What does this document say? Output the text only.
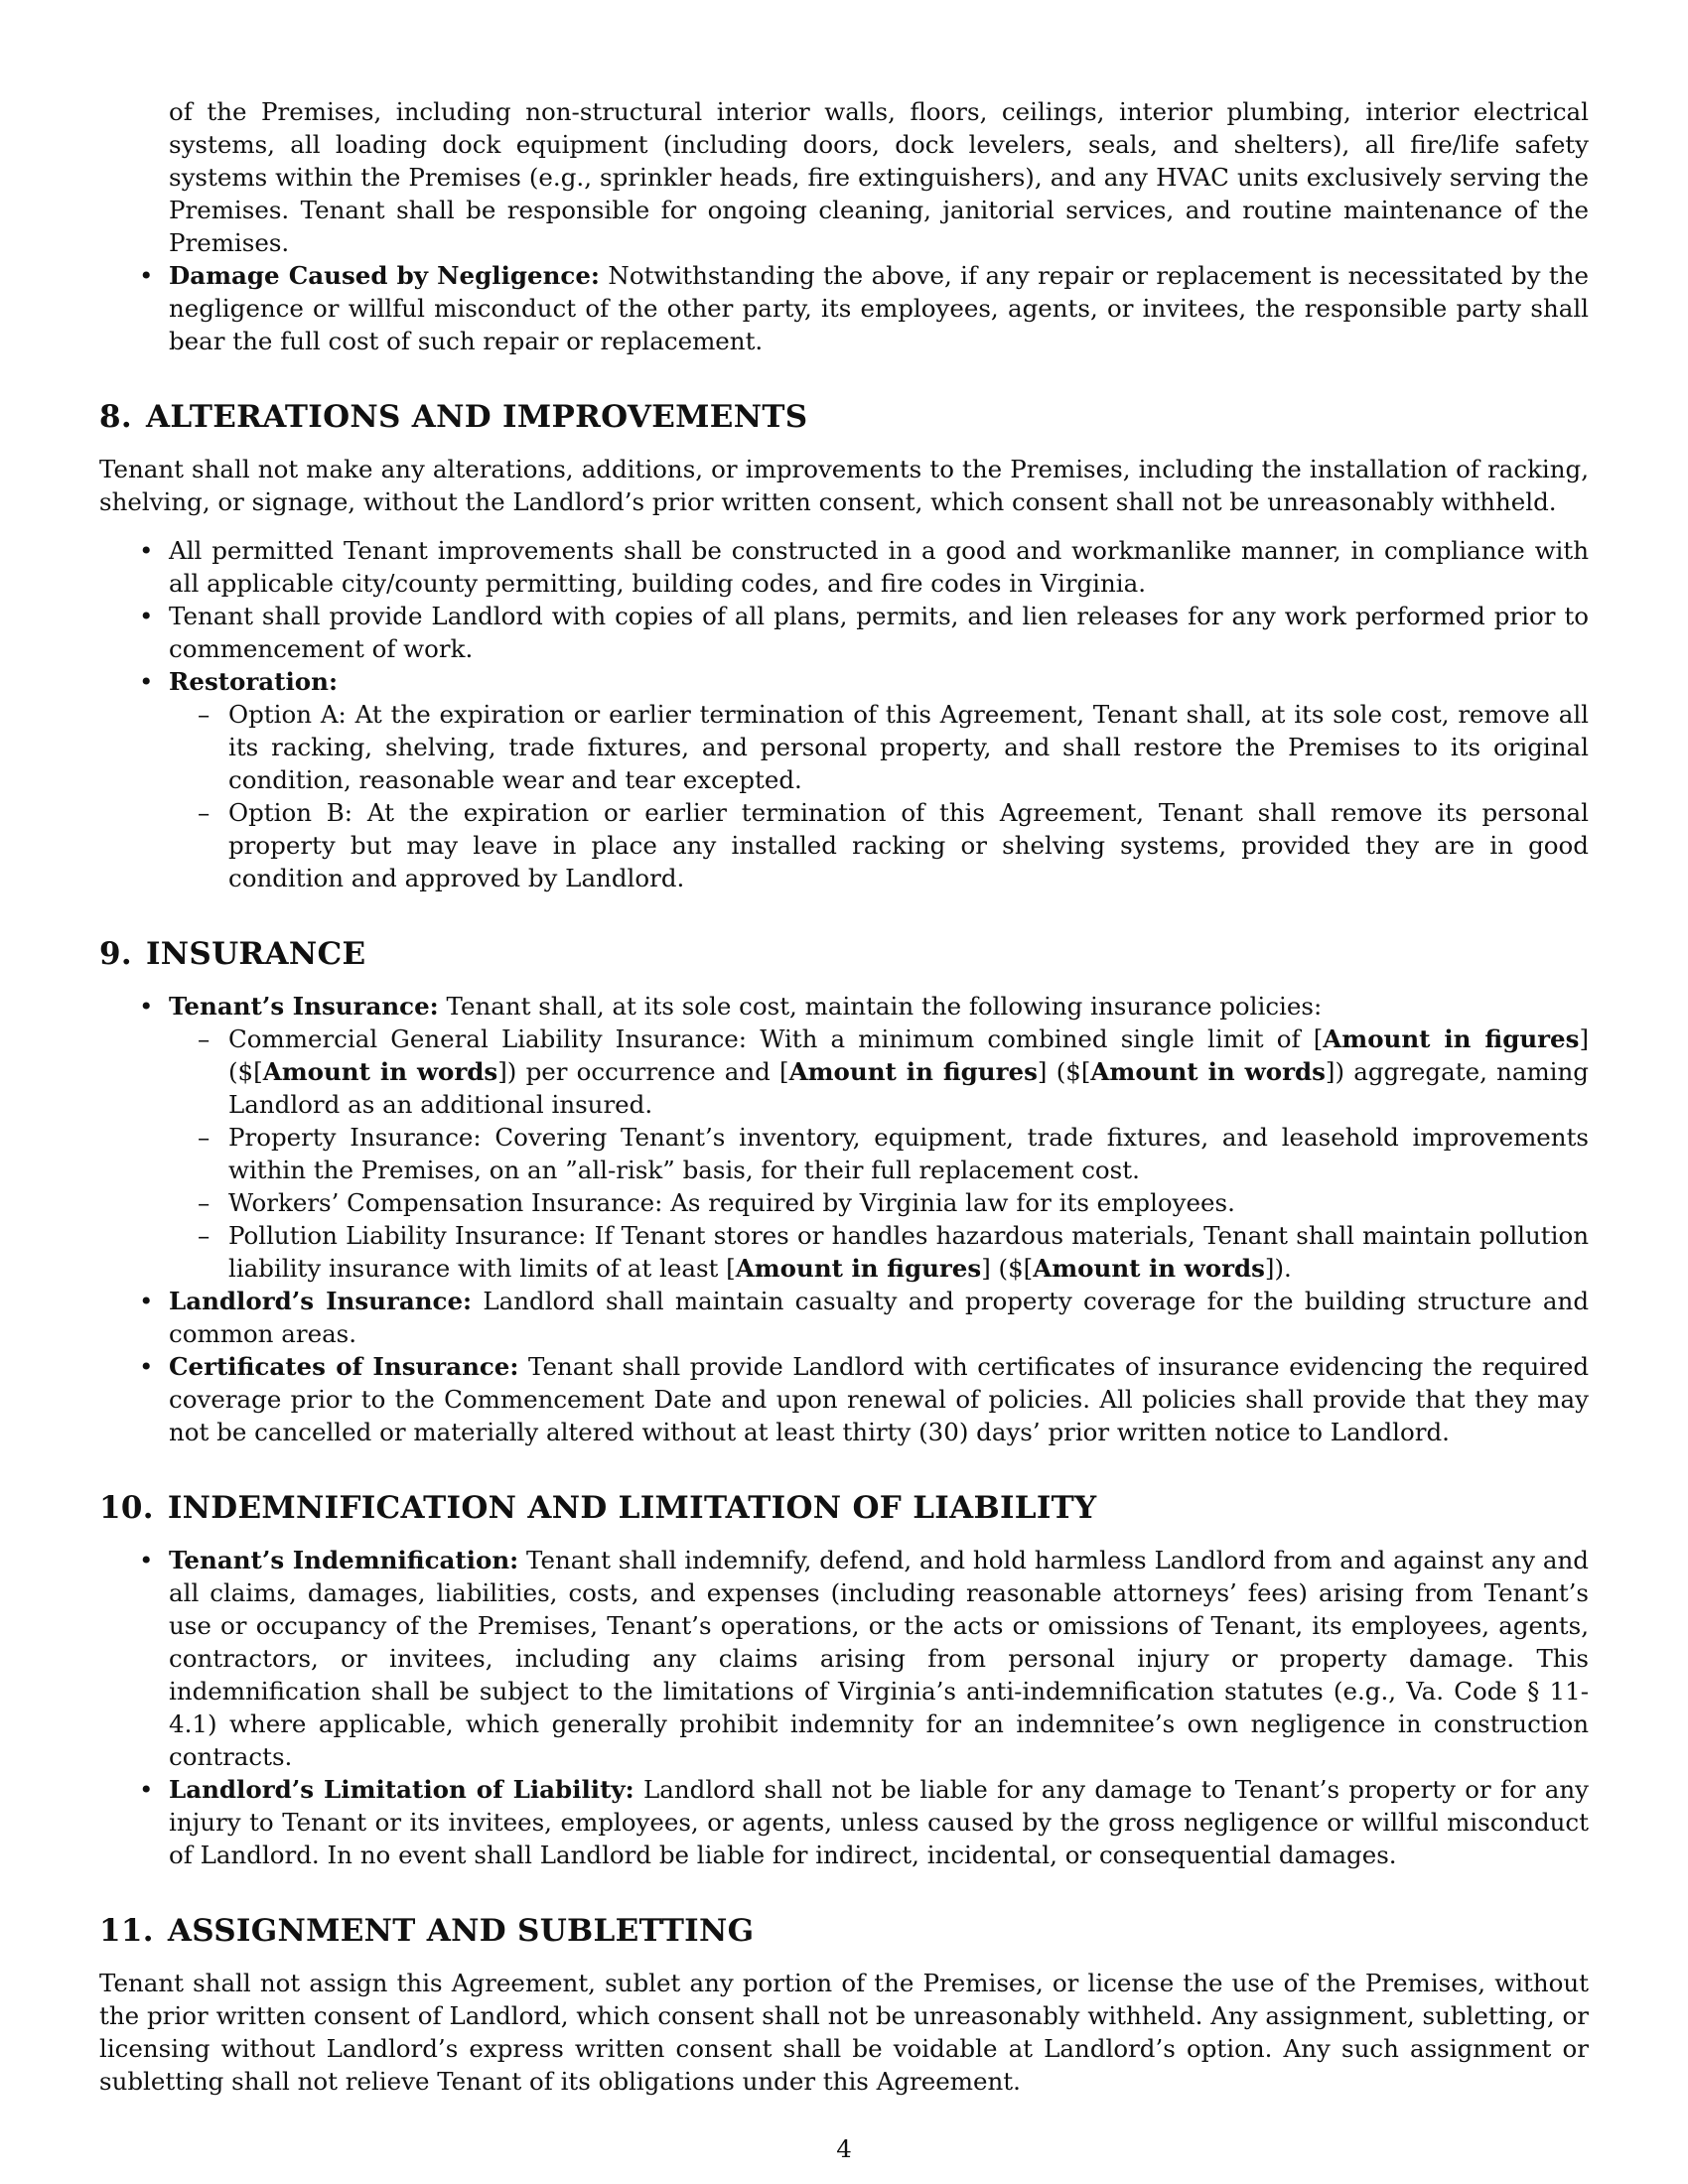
of the Premises, including non-structural interior walls, floors, ceilings, interior plumbing, interior electrical systems, all loading dock equipment (including doors, dock levelers, seals, and shelters), all fire/life safety systems within the Premises (e.g., sprinkler heads, fire extinguishers), and any HVAC units exclusively serving the Premises. Tenant shall be responsible for ongoing cleaning, janitorial services, and routine maintenance of the Premises.

• Damage Caused by Negligence: Notwithstanding the above, if any repair or replacement is necessitated by the negligence or willful misconduct of the other party, its employees, agents, or invitees, the responsible party shall bear the full cost of such repair or replacement.
8. ALTERATIONS AND IMPROVEMENTS

Tenant shall not make any alterations, additions, or improvements to the Premises, including the installation of racking, shelving, or signage, without the Landlord’s prior written consent, which consent shall not be unreasonably withheld.

• All permitted Tenant improvements shall be constructed in a good and workmanlike manner, in compliance with all applicable city/county permitting, building codes, and fire codes in Virginia.
• Tenant shall provide Landlord with copies of all plans, permits, and lien releases for any work performed prior to commencement of work.
• Restoration:
– Option A: At the expiration or earlier termination of this Agreement, Tenant shall, at its sole cost, remove all its racking, shelving, trade fixtures, and personal property, and shall restore the Premises to its original condition, reasonable wear and tear excepted.
– Option B: At the expiration or earlier termination of this Agreement, Tenant shall remove its personal property but may leave in place any installed racking or shelving systems, provided they are in good condition and approved by Landlord.
9. INSURANCE
• Tenant’s Insurance: Tenant shall, at its sole cost, maintain the following insurance policies:
– Commercial General Liability Insurance: With a minimum combined single limit of [Amount in figures] ($[Amount in words]) per occurrence and [Amount in figures] ($[Amount in words]) aggregate, naming Landlord as an additional insured.
– Property Insurance: Covering Tenant’s inventory, equipment, trade fixtures, and leasehold improvements within the Premises, on an ”all-risk” basis, for their full replacement cost.
– Workers’ Compensation Insurance: As required by Virginia law for its employees.
– Pollution Liability Insurance: If Tenant stores or handles hazardous materials, Tenant shall maintain pollution liability insurance with limits of at least [Amount in figures] ($[Amount in words]).
• Landlord’s Insurance: Landlord shall maintain casualty and property coverage for the building structure and common areas.
• Certificates of Insurance: Tenant shall provide Landlord with certificates of insurance evidencing the required coverage prior to the Commencement Date and upon renewal of policies. All policies shall provide that they may not be cancelled or materially altered without at least thirty (30) days’ prior written notice to Landlord.
10. INDEMNIFICATION AND LIMITATION OF LIABILITY
• Tenant’s Indemnification: Tenant shall indemnify, defend, and hold harmless Landlord from and against any and all claims, damages, liabilities, costs, and expenses (including reasonable attorneys’ fees) arising from Tenant’s use or occupancy of the Premises, Tenant’s operations, or the acts or omissions of Tenant, its employees, agents, contractors, or invitees, including any claims arising from personal injury or property damage. This indemnification shall be subject to the limitations of Virginia’s anti-indemnification statutes (e.g., Va. Code § 11-4.1) where applicable, which generally prohibit indemnity for an indemnitee’s own negligence in construction contracts.
• Landlord’s Limitation of Liability: Landlord shall not be liable for any damage to Tenant’s property or for any injury to Tenant or its invitees, employees, or agents, unless caused by the gross negligence or willful misconduct of Landlord. In no event shall Landlord be liable for indirect, incidental, or consequential damages.
11. ASSIGNMENT AND SUBLETTING

Tenant shall not assign this Agreement, sublet any portion of the Premises, or license the use of the Premises, without the prior written consent of Landlord, which consent shall not be unreasonably withheld. Any assignment, subletting, or licensing without Landlord’s express written consent shall be voidable at Landlord’s option. Any such assignment or subletting shall not relieve Tenant of its obligations under this Agreement.

4
